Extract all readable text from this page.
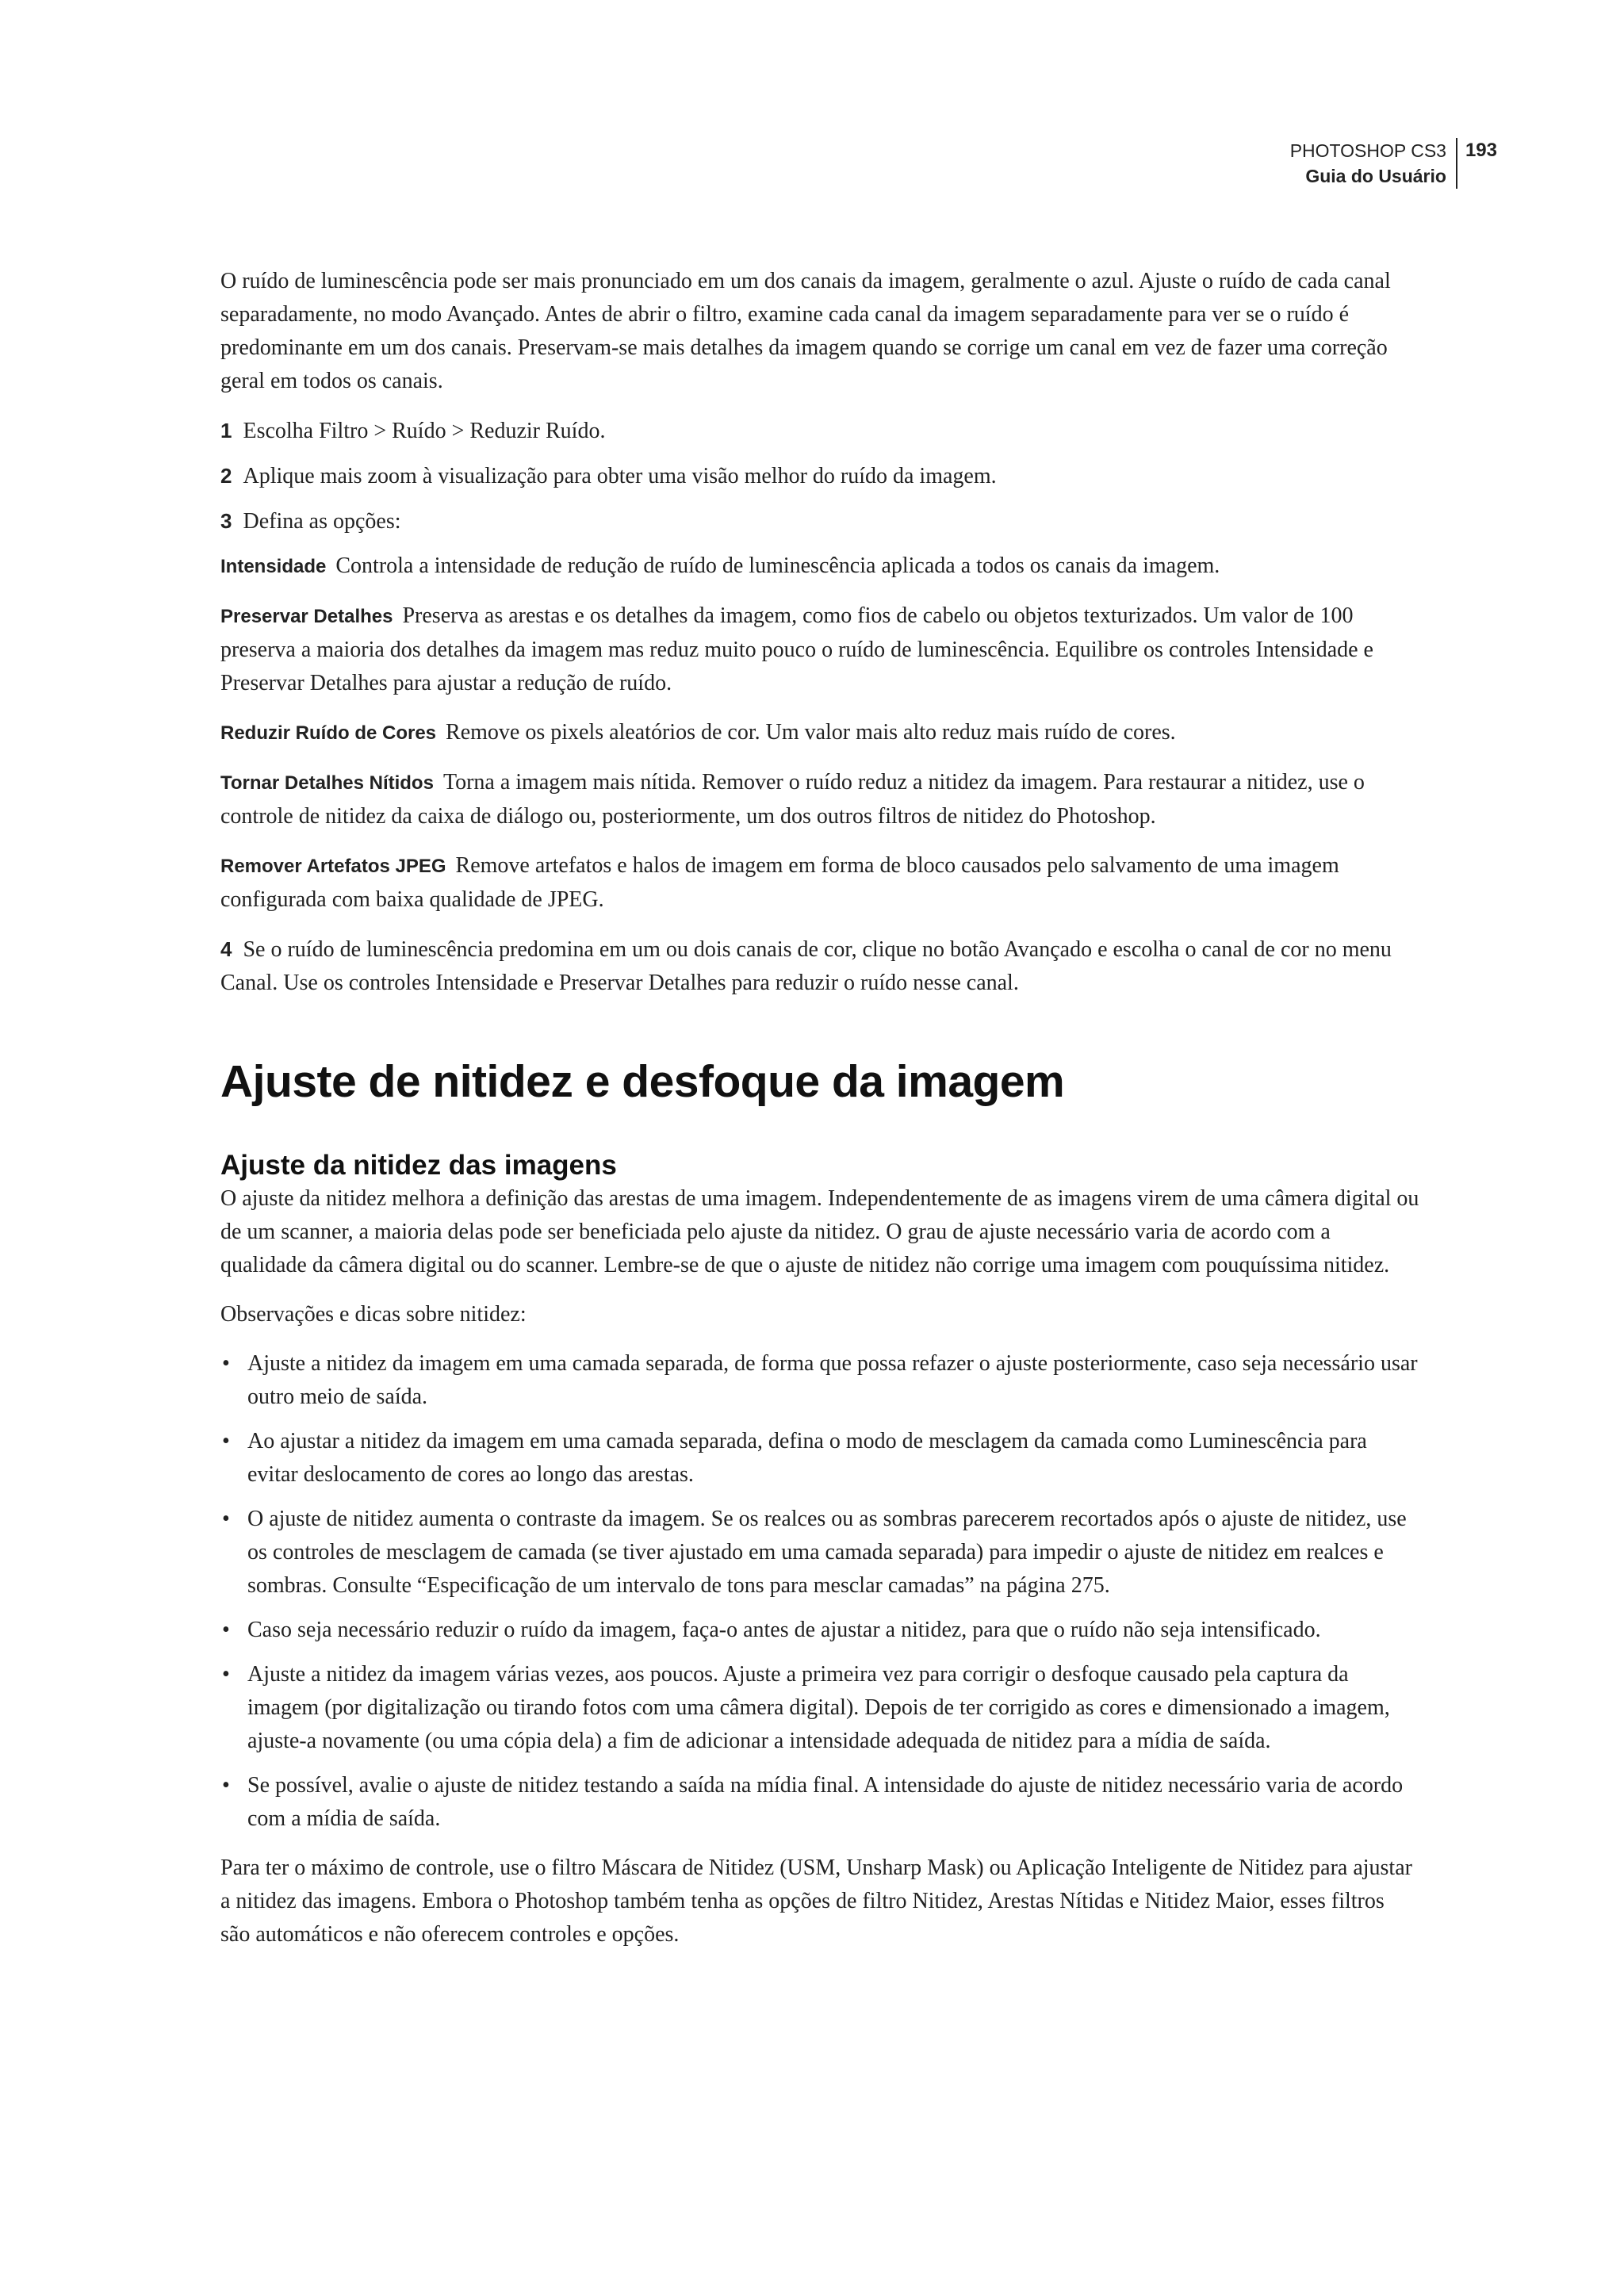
PHOTOSHOP CS3
Guia do Usuário
193

O ruído de luminescência pode ser mais pronunciado em um dos canais da imagem, geralmente o azul. Ajuste o ruído de cada canal separadamente, no modo Avançado. Antes de abrir o filtro, examine cada canal da imagem separadamente para ver se o ruído é predominante em um dos canais. Preservam-se mais detalhes da imagem quando se corrige um canal em vez de fazer uma correção geral em todos os canais.

1 Escolha Filtro > Ruído > Reduzir Ruído.

2 Aplique mais zoom à visualização para obter uma visão melhor do ruído da imagem.

3 Defina as opções:

Intensidade Controla a intensidade de redução de ruído de luminescência aplicada a todos os canais da imagem.

Preservar Detalhes Preserva as arestas e os detalhes da imagem, como fios de cabelo ou objetos texturizados. Um valor de 100 preserva a maioria dos detalhes da imagem mas reduz muito pouco o ruído de luminescência. Equilibre os controles Intensidade e Preservar Detalhes para ajustar a redução de ruído.

Reduzir Ruído de Cores Remove os pixels aleatórios de cor. Um valor mais alto reduz mais ruído de cores.

Tornar Detalhes Nítidos Torna a imagem mais nítida. Remover o ruído reduz a nitidez da imagem. Para restaurar a nitidez, use o controle de nitidez da caixa de diálogo ou, posteriormente, um dos outros filtros de nitidez do Photoshop.

Remover Artefatos JPEG Remove artefatos e halos de imagem em forma de bloco causados pelo salvamento de uma imagem configurada com baixa qualidade de JPEG.

4 Se o ruído de luminescência predomina em um ou dois canais de cor, clique no botão Avançado e escolha o canal de cor no menu Canal. Use os controles Intensidade e Preservar Detalhes para reduzir o ruído nesse canal.

Ajuste de nitidez e desfoque da imagem
Ajuste da nitidez das imagens

O ajuste da nitidez melhora a definição das arestas de uma imagem. Independentemente de as imagens virem de uma câmera digital ou de um scanner, a maioria delas pode ser beneficiada pelo ajuste da nitidez. O grau de ajuste necessário varia de acordo com a qualidade da câmera digital ou do scanner. Lembre-se de que o ajuste de nitidez não corrige uma imagem com pouquíssima nitidez.

Observações e dicas sobre nitidez:

• Ajuste a nitidez da imagem em uma camada separada, de forma que possa refazer o ajuste posteriormente, caso seja necessário usar outro meio de saída.
• Ao ajustar a nitidez da imagem em uma camada separada, defina o modo de mesclagem da camada como Luminescência para evitar deslocamento de cores ao longo das arestas.
• O ajuste de nitidez aumenta o contraste da imagem. Se os realces ou as sombras parecerem recortados após o ajuste de nitidez, use os controles de mesclagem de camada (se tiver ajustado em uma camada separada) para impedir o ajuste de nitidez em realces e sombras. Consulte “Especificação de um intervalo de tons para mesclar camadas” na página 275.
• Caso seja necessário reduzir o ruído da imagem, faça-o antes de ajustar a nitidez, para que o ruído não seja intensificado.
• Ajuste a nitidez da imagem várias vezes, aos poucos. Ajuste a primeira vez para corrigir o desfoque causado pela captura da imagem (por digitalização ou tirando fotos com uma câmera digital). Depois de ter corrigido as cores e dimensionado a imagem, ajuste-a novamente (ou uma cópia dela) a fim de adicionar a intensidade adequada de nitidez para a mídia de saída.
• Se possível, avalie o ajuste de nitidez testando a saída na mídia final. A intensidade do ajuste de nitidez necessário varia de acordo com a mídia de saída.

Para ter o máximo de controle, use o filtro Máscara de Nitidez (USM, Unsharp Mask) ou Aplicação Inteligente de Nitidez para ajustar a nitidez das imagens. Embora o Photoshop também tenha as opções de filtro Nitidez, Arestas Nítidas e Nitidez Maior, esses filtros são automáticos e não oferecem controles e opções.
